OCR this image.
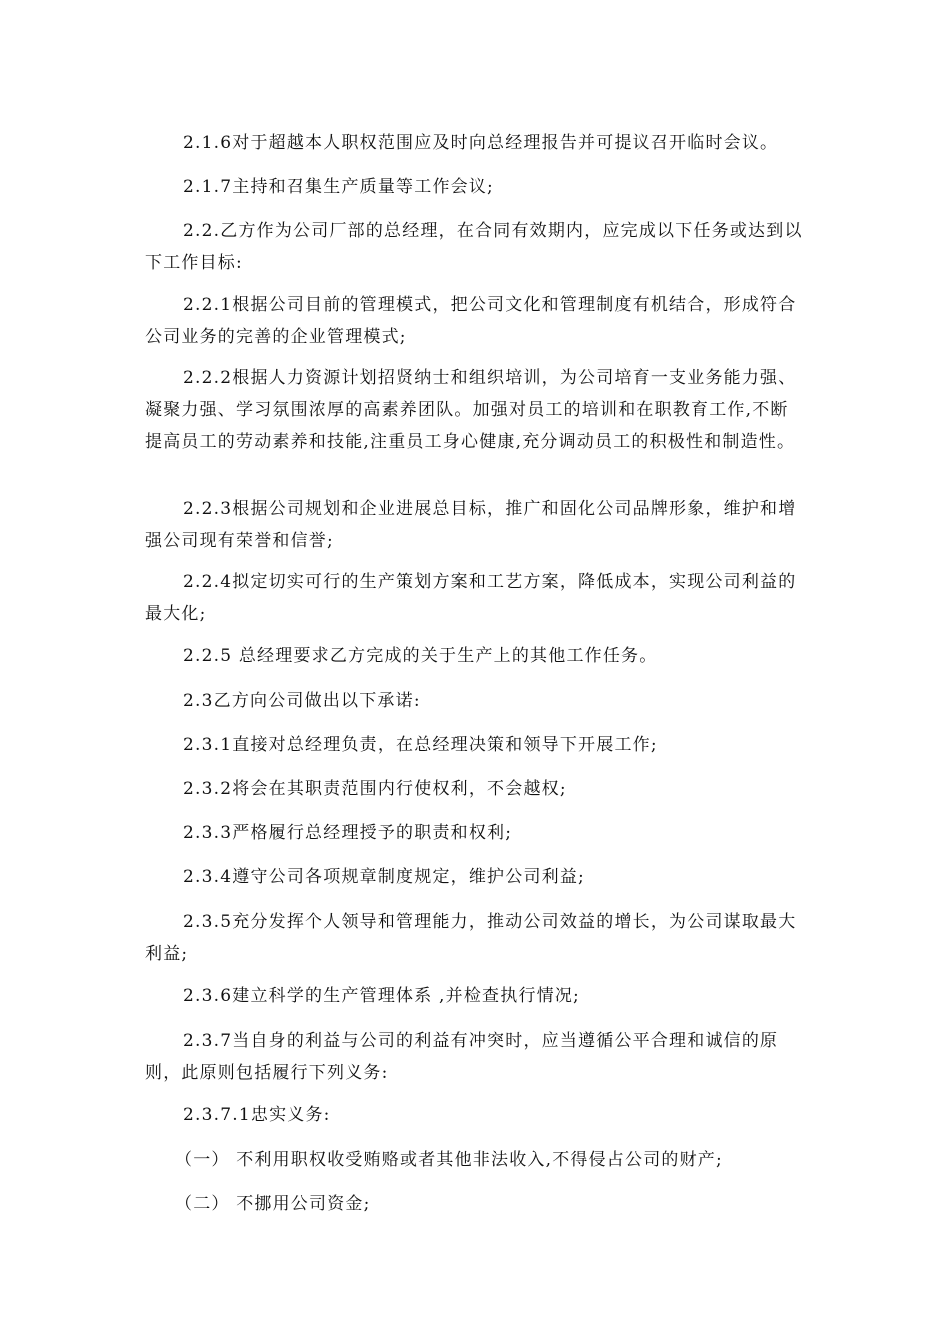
2.1.6对于超越本人职权范围应及时向总经理报告并可提议召开临时会议。
2.1.7主持和召集生产质量等工作会议;
2.2.乙方作为公司厂部的总经理，在合同有效期内，应完成以下任务或达到以下工作目标:
2.2.1根据公司目前的管理模式，把公司文化和管理制度有机结合，形成符合公司业务的完善的企业管理模式;
2.2.2根据人力资源计划招贤纳士和组织培训，为公司培育一支业务能力强、凝聚力强、学习氛围浓厚的高素养团队。加强对员工的培训和在职教育工作,不断提高员工的劳动素养和技能,注重员工身心健康,充分调动员工的积极性和制造性。
2.2.3根据公司规划和企业进展总目标，推广和固化公司品牌形象，维护和增强公司现有荣誉和信誉;
2.2.4拟定切实可行的生产策划方案和工艺方案，降低成本，实现公司利益的最大化;
2.2.5 总经理要求乙方完成的关于生产上的其他工作任务。
2.3乙方向公司做出以下承诺:
2.3.1直接对总经理负责，在总经理决策和领导下开展工作;
2.3.2将会在其职责范围内行使权利，不会越权;
2.3.3严格履行总经理授予的职责和权利;
2.3.4遵守公司各项规章制度规定，维护公司利益;
2.3.5充分发挥个人领导和管理能力，推动公司效益的增长，为公司谋取最大利益;
2.3.6建立科学的生产管理体系 ,并检查执行情况;
2.3.7当自身的利益与公司的利益有冲突时，应当遵循公平合理和诚信的原则，此原则包括履行下列义务:
2.3.7.1忠实义务:
（一） 不利用职权收受贿赂或者其他非法收入,不得侵占公司的财产;
（二） 不挪用公司资金;
